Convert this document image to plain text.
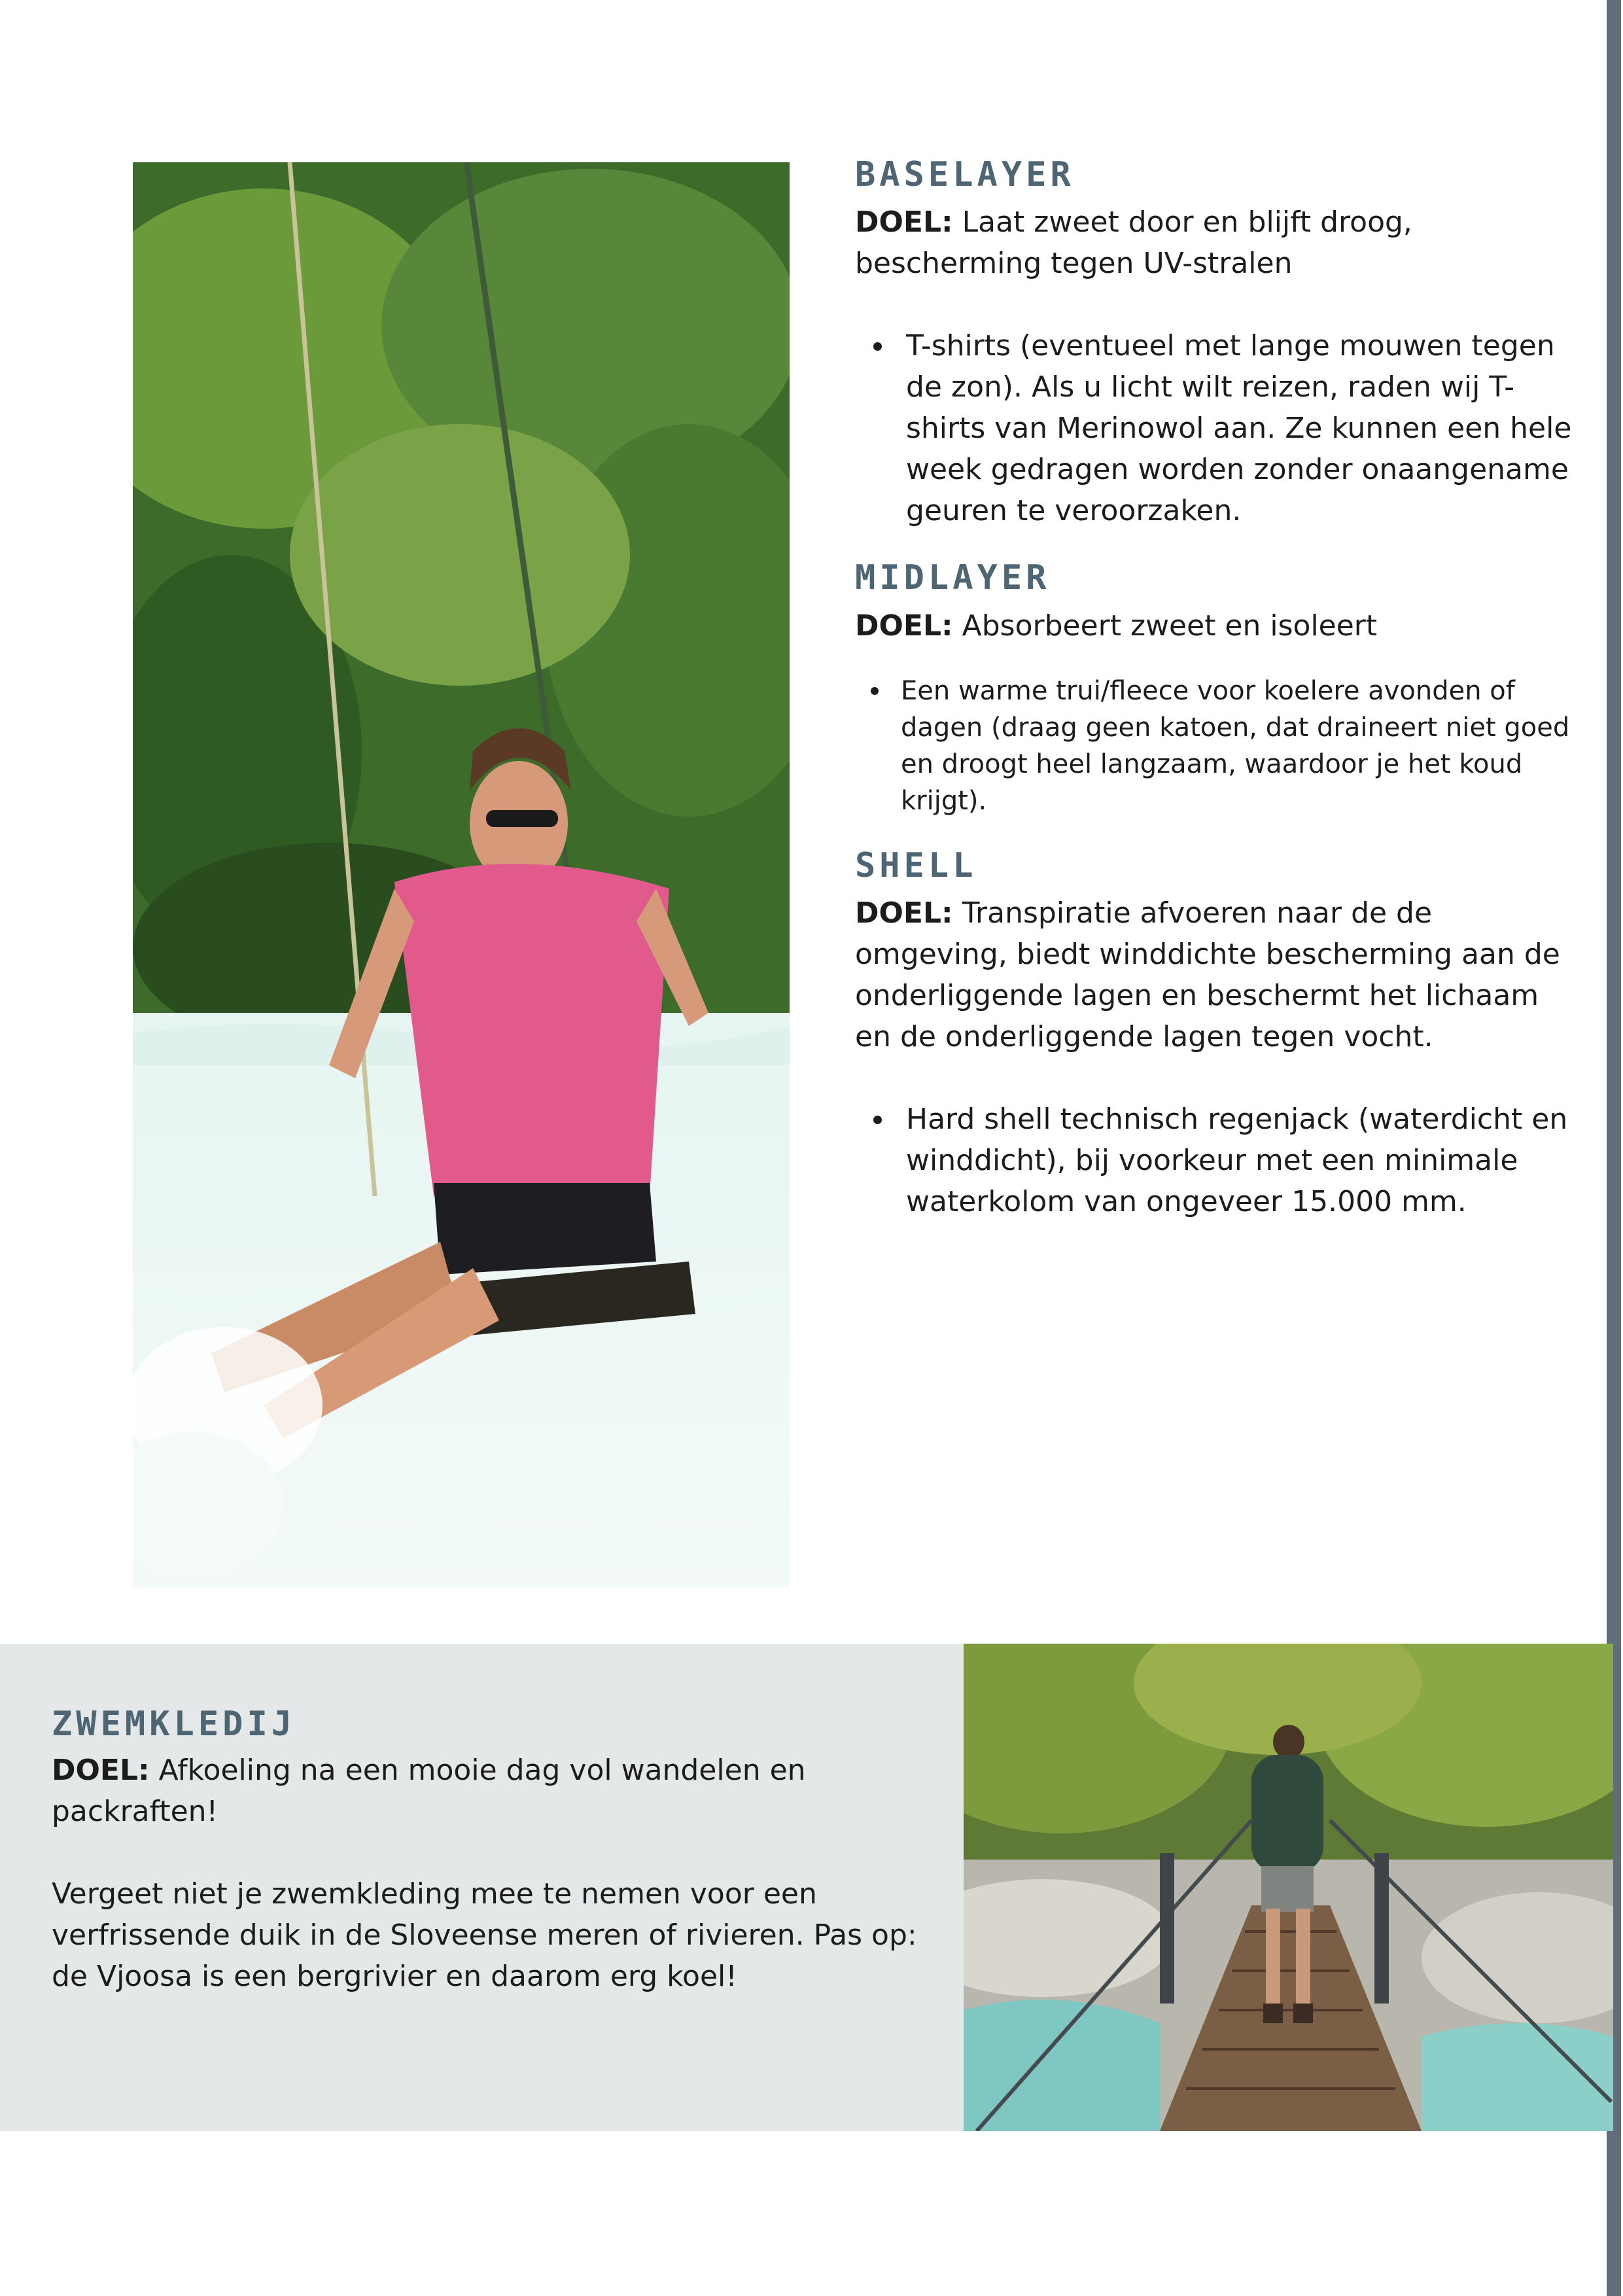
BASELAYER

DOEL: Laat zweet door en blijft droog, bescherming tegen UV-stralen

T-shirts (eventueel met lange mouwen tegen de zon). Als u licht wilt reizen, raden wij T-shirts van Merinowol aan. Ze kunnen een hele week gedragen worden zonder onaangename geuren te veroorzaken.
MIDLAYER

DOEL: Absorbeert zweet en isoleert

Een warme trui/fleece voor koelere avonden of dagen (draag geen katoen, dat draineert niet goed en droogt heel langzaam, waardoor je het koud krijgt).
SHELL

DOEL: Transpiratie afvoeren naar de de omgeving, biedt winddichte bescherming aan de onderliggende lagen en beschermt het lichaam en de onderliggende lagen tegen vocht.

Hard shell technisch regenjack (waterdicht en winddicht), bij voorkeur met een minimale waterkolom van ongeveer 15.000 mm.
ZWEMKLEDIJ

DOEL: Afkoeling na een mooie dag vol wandelen en packraften!

Vergeet niet je zwemkleding mee te nemen voor een verfrissende duik in de Sloveense meren of rivieren. Pas op: de Vjoosa is een bergrivier en daarom erg koel!
